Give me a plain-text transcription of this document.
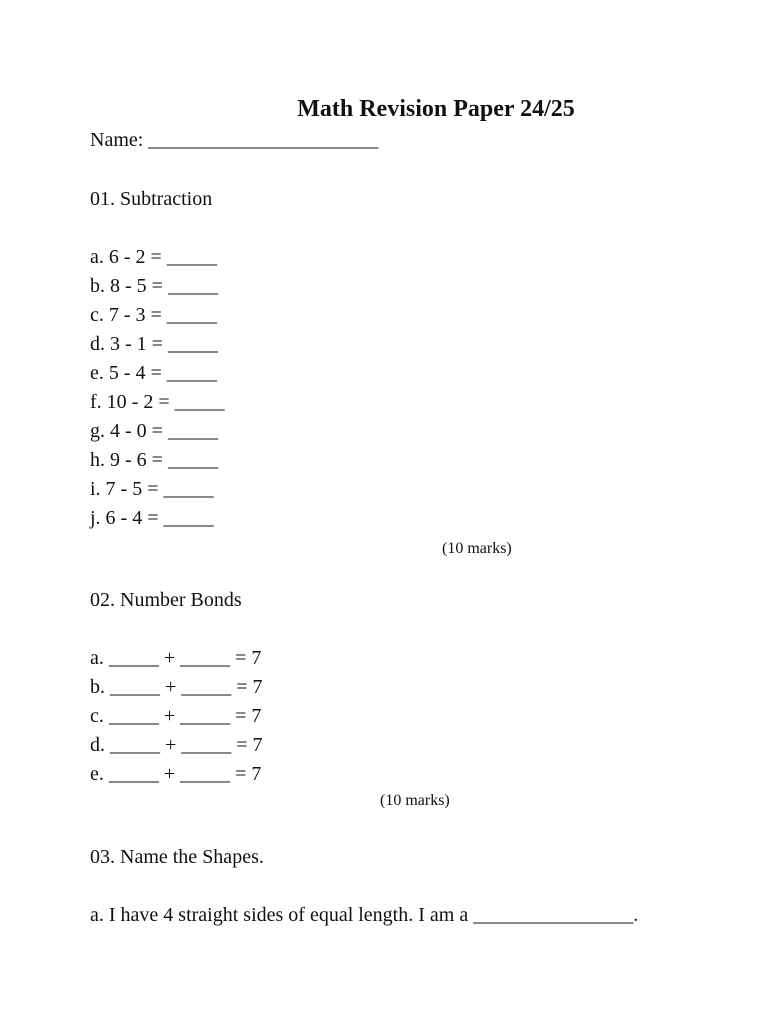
Math Revision Paper 24/25
Name: _______________________
01. Subtraction
a. 6 - 2 = _____
b. 8 - 5 = _____
c. 7 - 3 = _____
d. 3 - 1 = _____
e. 5 - 4 = _____
f. 10 - 2 = _____
g. 4 - 0 = _____
h. 9 - 6 = _____
i. 7 - 5 = _____
j. 6 - 4 = _____
(10 marks)
02. Number Bonds
a. _____ + _____ = 7
b. _____ + _____ = 7
c. _____ + _____ = 7
d. _____ + _____ = 7
e. _____ + _____ = 7
(10 marks)
03. Name the Shapes.
a. I have 4 straight sides of equal length. I am a ________________.
